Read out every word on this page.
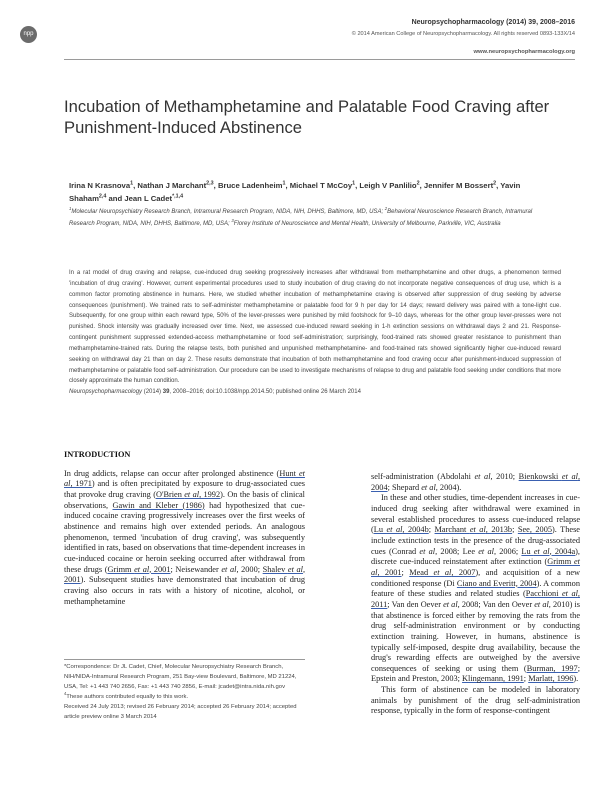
npp
Neuropsychopharmacology (2014) 39, 2008–2016
© 2014 American College of Neuropsychopharmacology. All rights reserved 0893-133X/14
www.neuropsychopharmacology.org
Incubation of Methamphetamine and Palatable Food Craving after Punishment-Induced Abstinence
Irina N Krasnova$^1$, Nathan J Marchant$^{2,3}$, Bruce Ladenheim$^1$, Michael T McCoy$^1$, Leigh V Panlilio$^2$, Jennifer M Bossert$^2$, Yavin Shaham$^{2,4}$ and Jean L Cadet$^{*,1,4}$
$^1$Molecular Neuropsychiatry Research Branch, Intramural Research Program, NIDA, NIH, DHHS, Baltimore, MD, USA; $^2$Behavioral Neuroscience Research Branch, Intramural Research Program, NIDA, NIH, DHHS, Baltimore, MD, USA; $^3$Florey Institute of Neuroscience and Mental Health, University of Melbourne, Parkville, VIC, Australia
In a rat model of drug craving and relapse, cue-induced drug seeking progressively increases after withdrawal from methamphetamine and other drugs, a phenomenon termed 'incubation of drug craving'. However, current experimental procedures used to study incubation of drug craving do not incorporate negative consequences of drug use, which is a common factor promoting abstinence in humans. Here, we studied whether incubation of methamphetamine craving is observed after suppression of drug seeking by adverse consequences (punishment). We trained rats to self-administer methamphetamine or palatable food for 9 h per day for 14 days; reward delivery was paired with a tone-light cue. Subsequently, for one group within each reward type, 50% of the lever-presses were punished by mild footshock for 9–10 days, whereas for the other group lever-presses were not punished. Shock intensity was gradually increased over time. Next, we assessed cue-induced reward seeking in 1-h extinction sessions on withdrawal days 2 and 21. Response-contingent punishment suppressed extended-access methamphetamine or food self-administration; surprisingly, food-trained rats showed greater resistance to punishment than methamphetamine-trained rats. During the relapse tests, both punished and unpunished methamphetamine- and food-trained rats showed significantly higher cue-induced reward seeking on withdrawal day 21 than on day 2. These results demonstrate that incubation of both methamphetamine and food craving occur after punishment-induced suppression of methamphetamine or palatable food self-administration. Our procedure can be used to investigate mechanisms of relapse to drug and palatable food seeking under conditions that more closely approximate the human condition.
Neuropsychopharmacology (2014) 39, 2008–2016; doi:10.1038/npp.2014.50; published online 26 March 2014
INTRODUCTION

In drug addicts, relapse can occur after prolonged abstinence (Hunt et al, 1971) and is often precipitated by exposure to drug-associated cues that provoke drug craving (O'Brien et al, 1992). On the basis of clinical observations, Gawin and Kleber (1986) had hypothesized that cue-induced cocaine craving progressively increases over the first weeks of abstinence and remains high over extended periods. An analogous phenomenon, termed 'incubation of drug craving', was subsequently identified in rats, based on observations that time-dependent increases in cue-induced cocaine or heroin seeking occurred after withdrawal from these drugs (Grimm et al, 2001; Neisewander et al, 2000; Shalev et al, 2001). Subsequent studies have demonstrated that incubation of drug craving also occurs in rats with a history of nicotine, alcohol, or methamphetamine

self-administration (Abdolahi et al, 2010; Bienkowski et al, 2004; Shepard et al, 2004).

In these and other studies, time-dependent increases in cue-induced drug seeking after withdrawal were examined in several established procedures to assess cue-induced relapse (Lu et al, 2004b; Marchant et al, 2013b; See, 2005). These include extinction tests in the presence of the drug-associated cues (Conrad et al, 2008; Lee et al, 2006; Lu et al, 2004a), discrete cue-induced reinstatement after extinction (Grimm et al, 2001; Mead et al, 2007), and acquisition of a new conditioned response (Di Ciano and Everitt, 2004). A common feature of these studies and related studies (Pacchioni et al, 2011; Van den Oever et al, 2008; Van den Oever et al, 2010) is that abstinence is forced either by removing the rats from the drug self-administration environment or by conducting extinction training. However, in humans, abstinence is typically self-imposed, despite drug availability, because the drug's rewarding effects are outweighed by the aversive consequences of seeking or using them (Burman, 1997; Epstein and Preston, 2003; Klingemann, 1991; Marlatt, 1996).

This form of abstinence can be modeled in laboratory animals by punishment of the drug self-administration response, typically in the form of response-contingent

*Correspondence: Dr JL Cadet, Chief, Molecular Neuropsychiatry Research Branch, NIH/NIDA-Intramural Research Program, 251 Bay-view Boulevard, Baltimore, MD 21224, USA, Tel: +1 443 740 2656, Fax: +1 443 740 2856, E-mail: jcadet@intra.nida.nih.gov
$^4$These authors contributed equally to this work.
Received 24 July 2013; revised 26 February 2014; accepted 26 February 2014; accepted article preview online 3 March 2014
